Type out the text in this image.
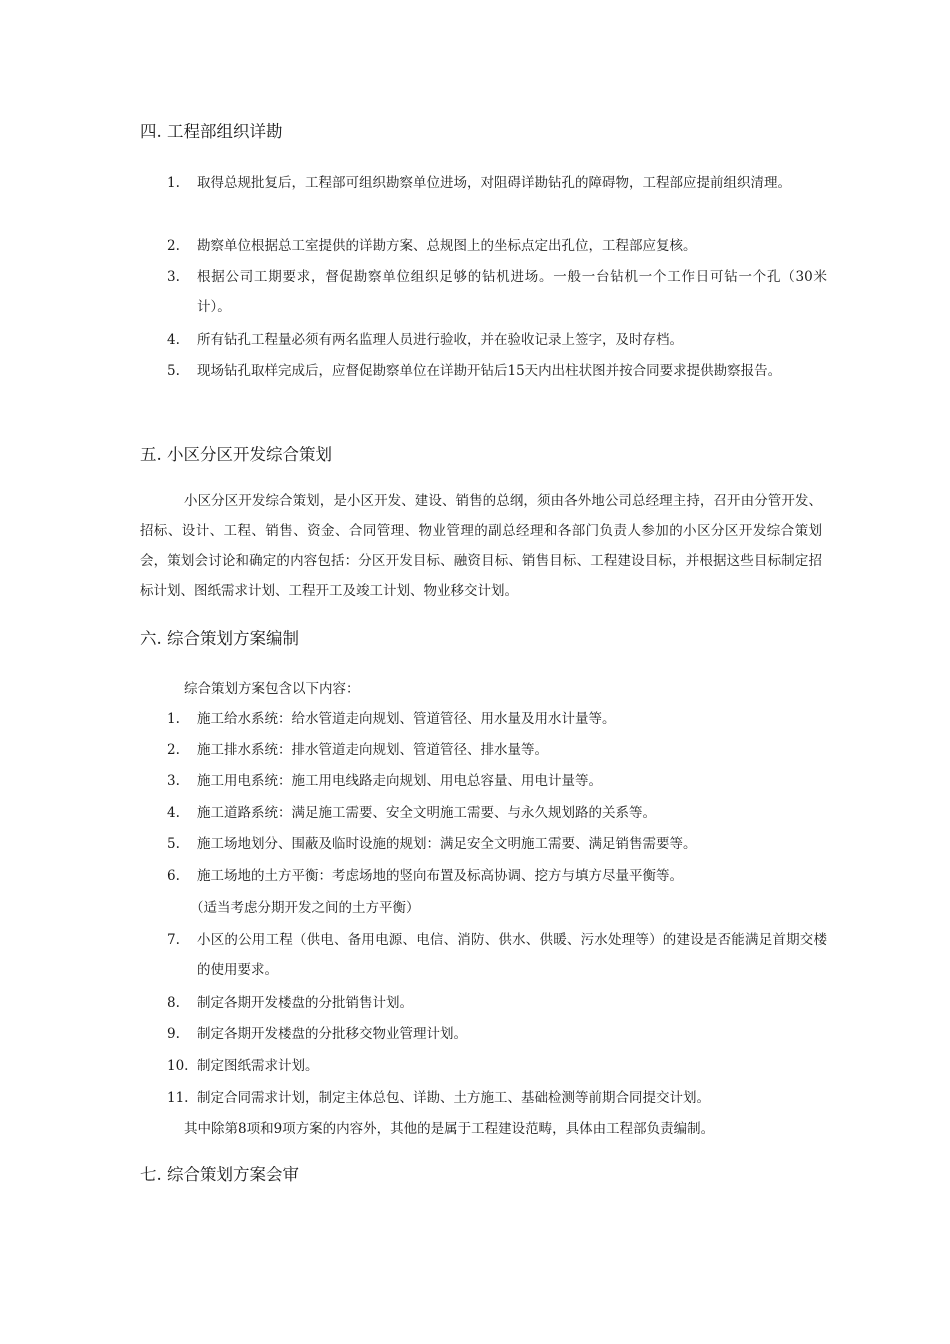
四. 工程部组织详勘
1. 取得总规批复后，工程部可组织勘察单位进场，对阻碍详勘钻孔的障碍物，工程部应提前组织清理。
2. 勘察单位根据总工室提供的详勘方案、总规图上的坐标点定出孔位，工程部应复核。
3. 根据公司工期要求，督促勘察单位组织足够的钻机进场。一般一台钻机一个工作日可钻一个孔（30米计）。
4. 所有钻孔工程量必须有两名监理人员进行验收，并在验收记录上签字，及时存档。
5. 现场钻孔取样完成后，应督促勘察单位在详勘开钻后15天内出柱状图并按合同要求提供勘察报告。
五. 小区分区开发综合策划
小区分区开发综合策划，是小区开发、建设、销售的总纲，须由各外地公司总经理主持，召开由分管开发、招标、设计、工程、销售、资金、合同管理、物业管理的副总经理和各部门负责人参加的小区分区开发综合策划会，策划会讨论和确定的内容包括：分区开发目标、融资目标、销售目标、工程建设目标，并根据这些目标制定招标计划、图纸需求计划、工程开工及竣工计划、物业移交计划。
六. 综合策划方案编制
综合策划方案包含以下内容：
1. 施工给水系统：给水管道走向规划、管道管径、用水量及用水计量等。
2. 施工排水系统：排水管道走向规划、管道管径、排水量等。
3. 施工用电系统：施工用电线路走向规划、用电总容量、用电计量等。
4. 施工道路系统：满足施工需要、安全文明施工需要、与永久规划路的关系等。
5. 施工场地划分、围蔽及临时设施的规划：满足安全文明施工需要、满足销售需要等。
6. 施工场地的土方平衡：考虑场地的竖向布置及标高协调、挖方与填方尽量平衡等。
（适当考虑分期开发之间的土方平衡）
7. 小区的公用工程（供电、备用电源、电信、消防、供水、供暖、污水处理等）的建设是否能满足首期交楼的使用要求。
8. 制定各期开发楼盘的分批销售计划。
9. 制定各期开发楼盘的分批移交物业管理计划。
10. 制定图纸需求计划。
11. 制定合同需求计划，制定主体总包、详勘、土方施工、基础检测等前期合同提交计划。
其中除第8项和9项方案的内容外，其他的是属于工程建设范畴，具体由工程部负责编制。
七. 综合策划方案会审
